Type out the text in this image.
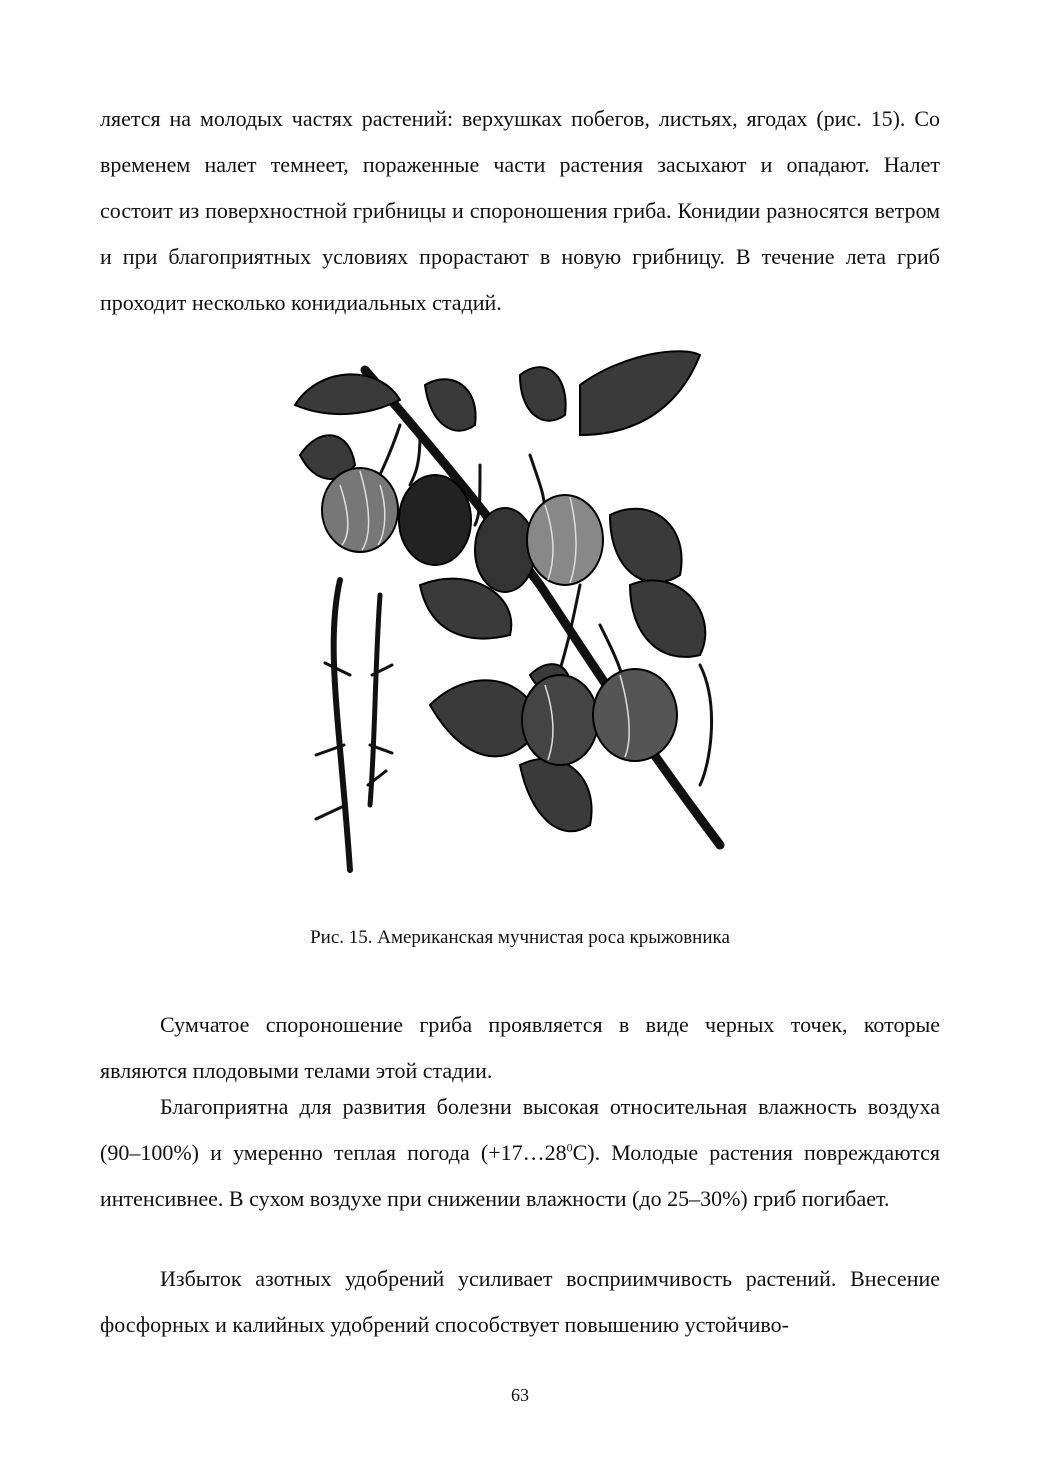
ляется на молодых частях растений: верхушках побегов, листьях, ягодах (рис. 15). Со временем налет темнеет, пораженные части растения засыхают и опадают. Налет состоит из поверхностной грибницы и спороношения гриба. Конидии разносятся ветром и при благоприятных условиях прорастают в новую грибницу. В течение лета гриб проходит несколько конидиальных стадий.

Рис. 15. Американская мучнистая роса крыжовника

Сумчатое спороношение гриба проявляется в виде черных точек, которые являются плодовыми телами этой стадии.

Благоприятна для развития болезни высокая относительная влажность воздуха (90–100%) и умеренно теплая погода $(+17\dots 28^0С)$. Молодые растения повреждаются интенсивнее. В сухом воздухе при снижении влажности (до 25–30%) гриб погибает.

Избыток азотных удобрений усиливает восприимчивость растений. Внесение фосфорных и калийных удобрений способствует повышению устойчиво-

63
